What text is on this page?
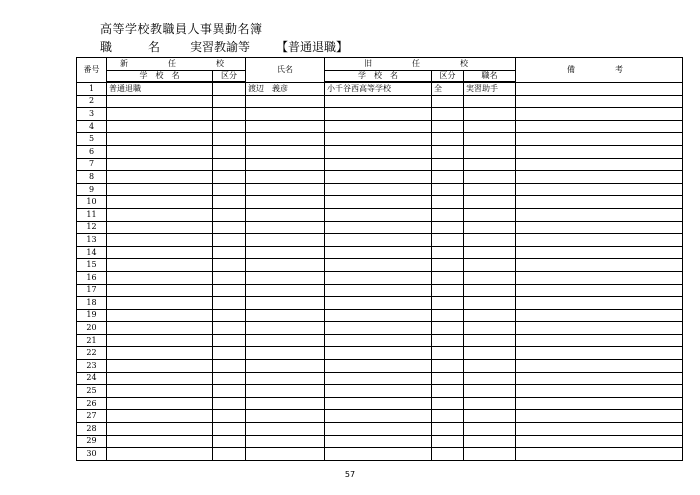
高等学校教職員人事異動名簿
職　名 実習教諭等 【普通退職】
番号	新　　任　　校		氏名	旧　　任　　校			備　　考
	学　校　名	区分		学　校　名	区分	職名	
1	普通退職		渡辺　義彦	小千谷西高等学校	全	実習助手	
2							
3							
4							
5							
6							
7							
8							
9							
10							
11							
12							
13							
14							
15							
16							
17							
18							
19							
20							
21							
22							
23							
24							
25							
26							
27							
28							
29							
30							
57
